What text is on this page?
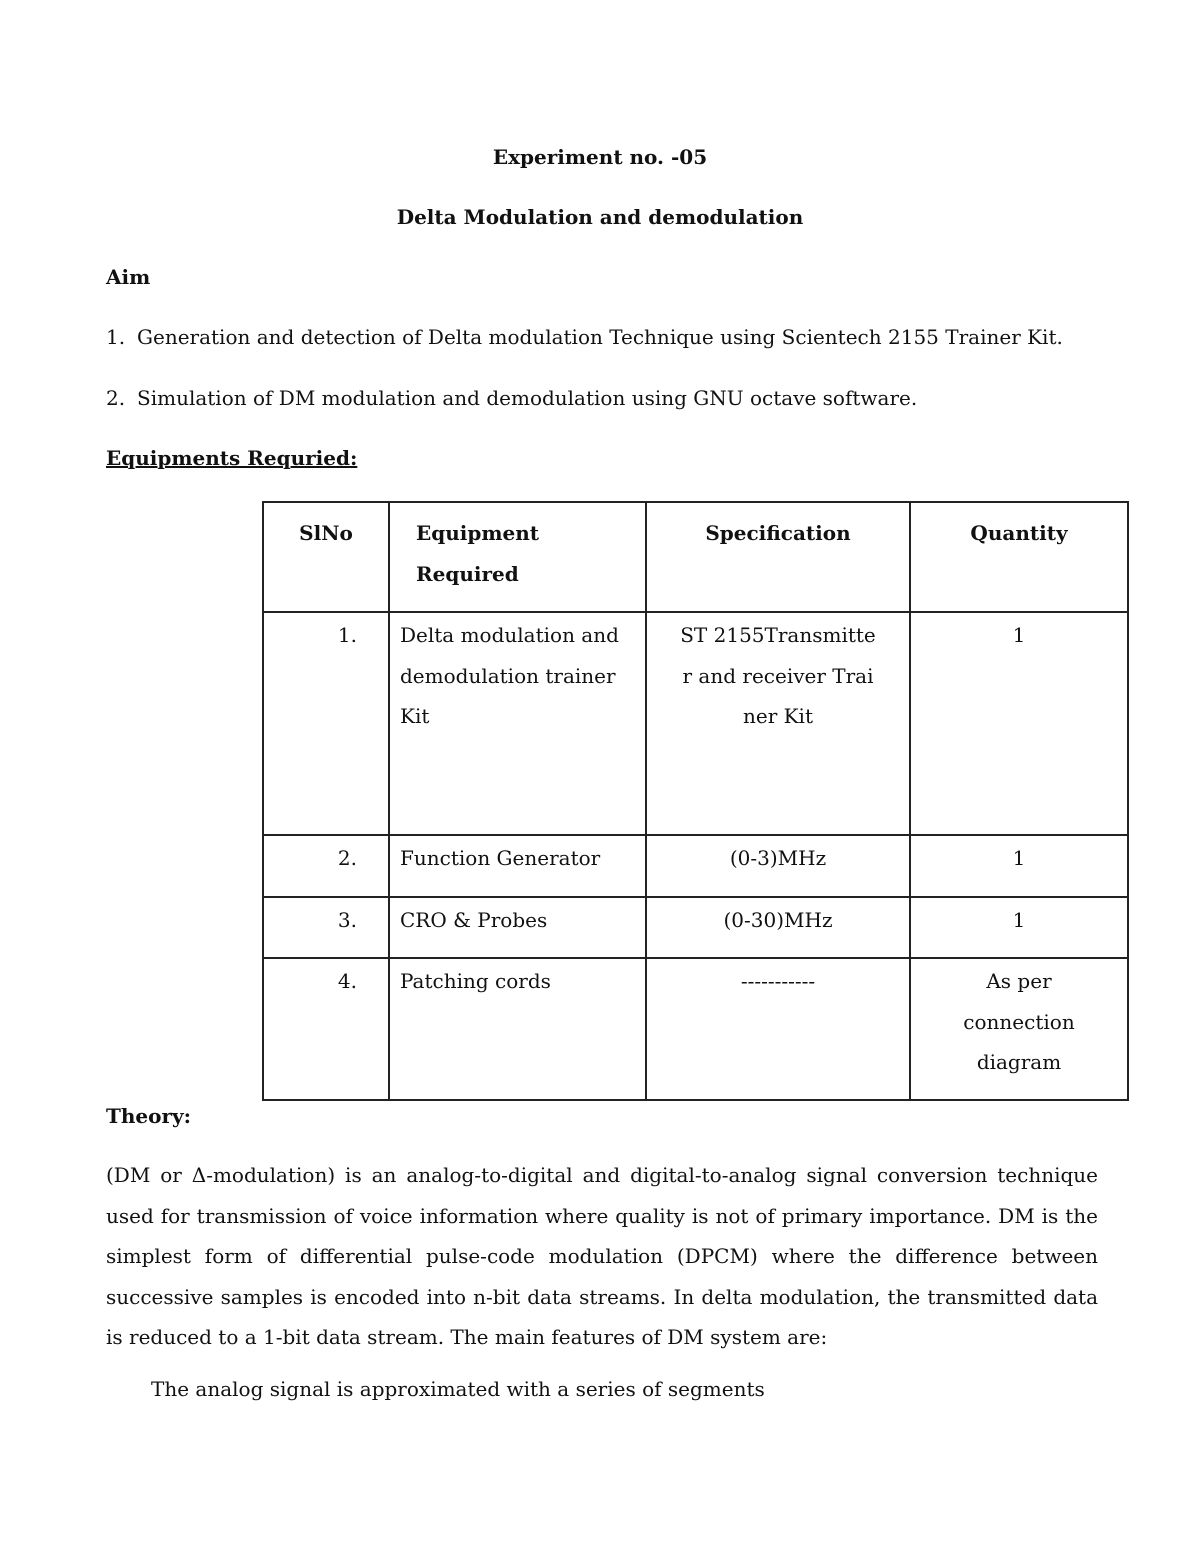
Experiment no. -05
Delta Modulation and demodulation
Aim
1. Generation and detection of Delta modulation Technique using Scientech 2155 Trainer Kit.
2. Simulation of DM modulation and demodulation using GNU octave software.
Equipments Requried:
SlNo	Equipment Required	Specification	Quantity
1.	Delta modulation and demodulation trainer Kit	ST 2155Transmitter and receiver Trainer Kit	1
2.	Function Generator	(0-3)MHz	1
3.	CRO & Probes	(0-30)MHz	1
4.	Patching cords	-----------	As per connection diagram
Theory:
(DM or Δ-modulation) is an analog-to-digital and digital-to-analog signal conversion technique used for transmission of voice information where quality is not of primary importance. DM is the simplest form of differential pulse-code modulation (DPCM) where the difference between successive samples is encoded into n-bit data streams. In delta modulation, the transmitted data is reduced to a 1-bit data stream. The main features of DM system are:
The analog signal is approximated with a series of segments
